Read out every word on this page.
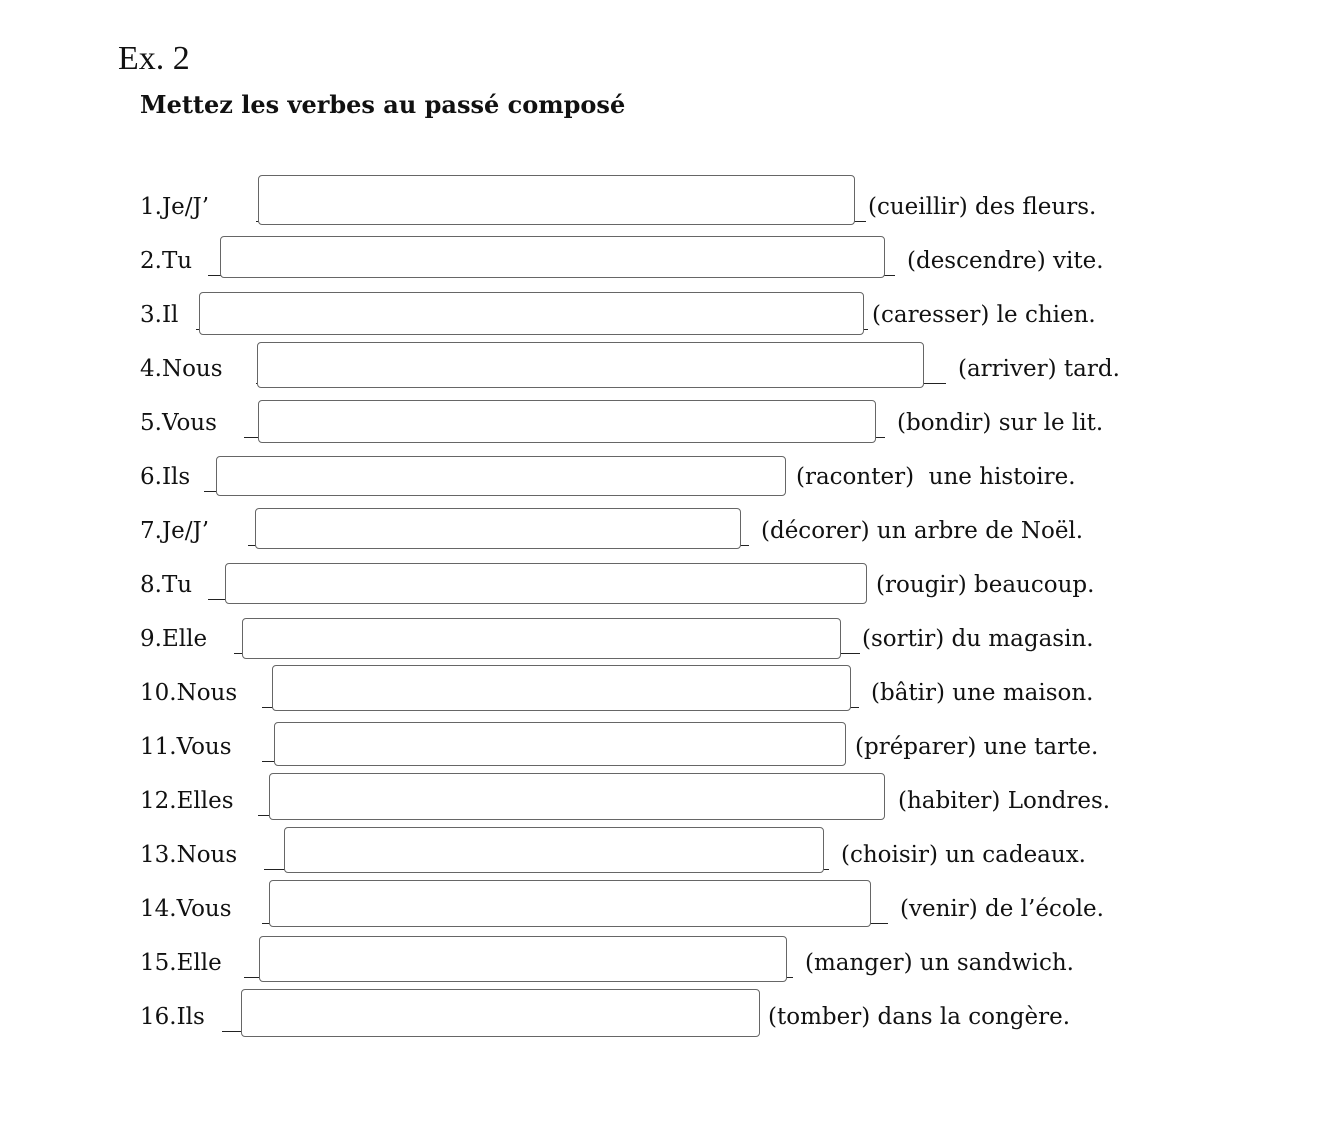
Ex. 2
Mettez les verbes au passé composé
1.Je/J’	(cueillir) des fleurs.
2.Tu	(descendre) vite.
3.Il	(caresser) le chien.
4.Nous	(arriver) tard.
5.Vous	(bondir) sur le lit.
6.Ils	(raconter)  une histoire.
7.Je/J’	(décorer) un arbre de Noël.
8.Tu	(rougir) beaucoup.
9.Elle	(sortir) du magasin.
10.Nous	(bâtir) une maison.
11.Vous	(préparer) une tarte.
12.Elles	(habiter) Londres.
13.Nous	(choisir) un cadeaux.
14.Vous	(venir) de l’école.
15.Elle	(manger) un sandwich.
16.Ils	(tomber) dans la congère.
